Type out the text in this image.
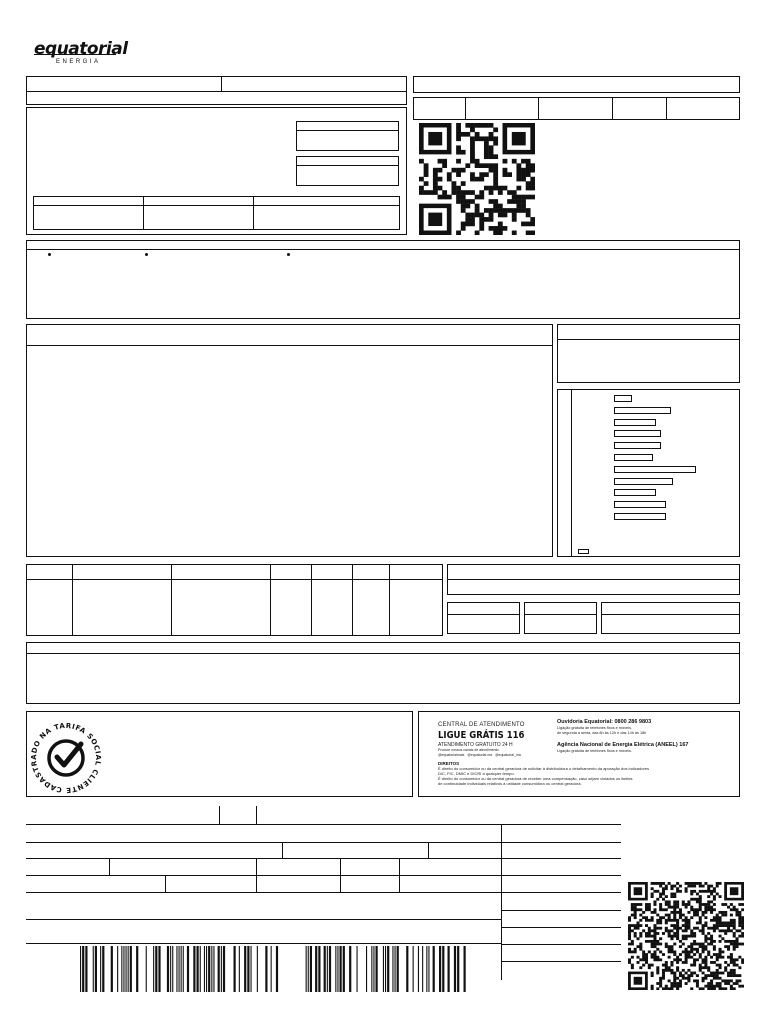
equatorial
ENERGIA
CADASTRADO NA TARIFA SOCIAL CLIENTE
CENTRAL DE ATENDIMENTO
LIGUE GRÁTIS 116
ATENDIMENTO GRATUITO 24 H
Procure nossos canais de atendimento:
@equatorialmais @equatorial.ma @equatorial_ma
DIREITOS
É direito do consumidor ou da central geradora de solicitar à distribuidora o detalhamento da apuração dos indicadores
DIC, FIC, DMIC e DICRI a qualquer tempo.
É direito do consumidor ou da central geradora de receber uma compensação, caso sejam violados os limites
de continuidade individuais relativos à unidade consumidora ou central geradora.
Ouvidoria Equatorial: 0800 286 9803
Ligação gratuita de telefones fixos e móveis,
de segunda a sexta, das 8h às 12h e das 14h às 18h
Agência Nacional de Energia Elétrica (ANEEL) 167
Ligação gratuita de telefones fixos e móveis.
